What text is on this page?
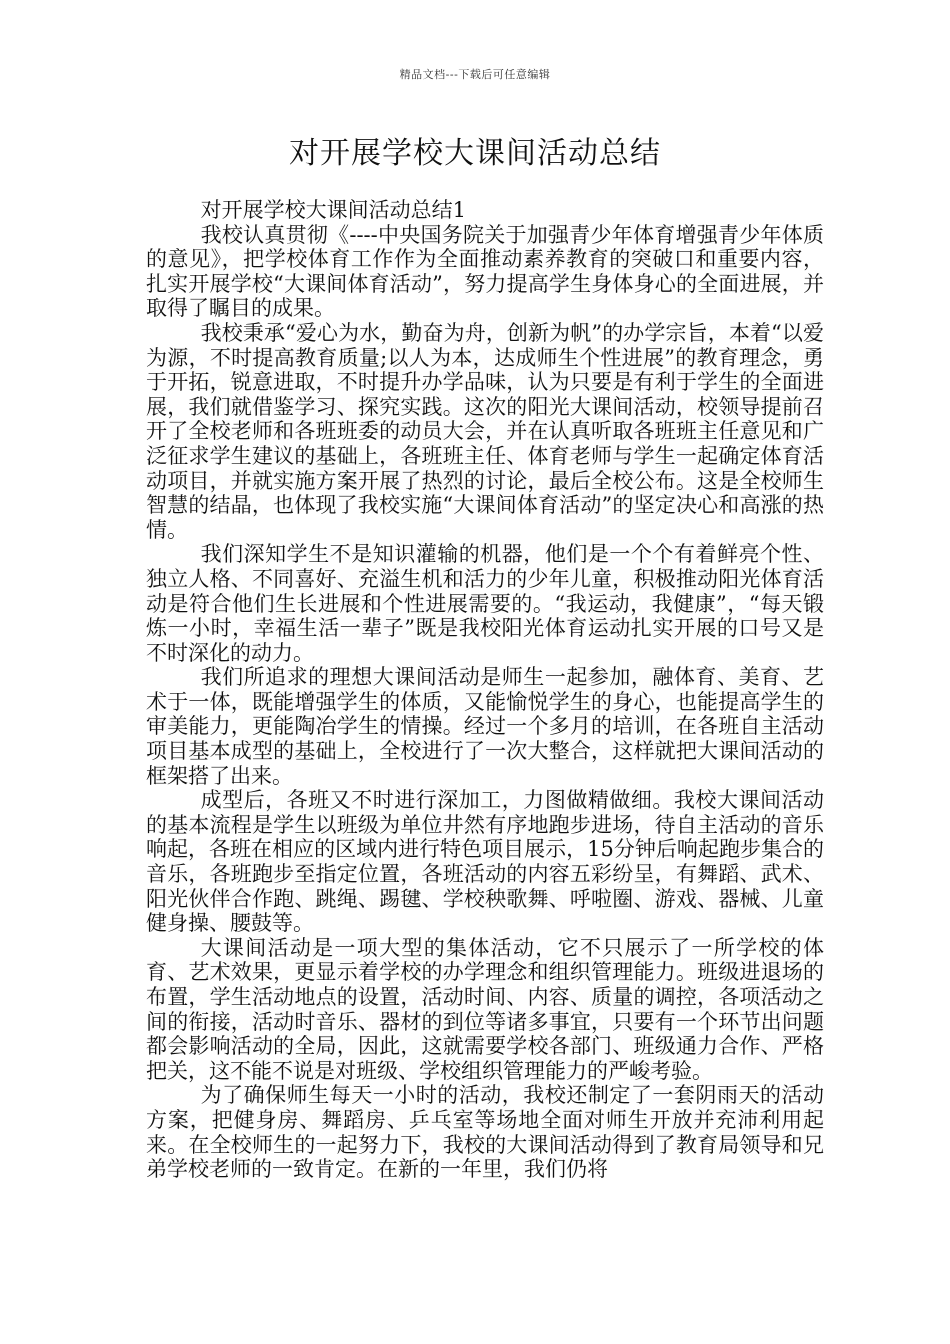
精品文档---下载后可任意编辑
对开展学校大课间活动总结

对开展学校大课间活动总结1

我校认真贯彻《----中央国务院关于加强青少年体育增强青少年体质的意见》，把学校体育工作作为全面推动素养教育的突破口和重要内容，扎实开展学校“大课间体育活动”，努力提高学生身体身心的全面进展，并取得了瞩目的成果。

我校秉承“爱心为水，勤奋为舟，创新为帆”的办学宗旨，本着“以爱为源，不时提高教育质量;以人为本，达成师生个性进展”的教育理念，勇于开拓，锐意进取，不时提升办学品味，认为只要是有利于学生的全面进展，我们就借鉴学习、探究实践。这次的阳光大课间活动，校领导提前召开了全校老师和各班班委的动员大会，并在认真听取各班班主任意见和广泛征求学生建议的基础上，各班班主任、体育老师与学生一起确定体育活动项目，并就实施方案开展了热烈的讨论，最后全校公布。这是全校师生智慧的结晶，也体现了我校实施“大课间体育活动”的坚定决心和高涨的热情。

我们深知学生不是知识灌输的机器，他们是一个个有着鲜亮个性、独立人格、不同喜好、充溢生机和活力的少年儿童，积极推动阳光体育活动是符合他们生长进展和个性进展需要的。“我运动，我健康”，“每天锻炼一小时，幸福生活一辈子”既是我校阳光体育运动扎实开展的口号又是不时深化的动力。

我们所追求的理想大课间活动是师生一起参加，融体育、美育、艺术于一体，既能增强学生的体质，又能愉悦学生的身心，也能提高学生的审美能力，更能陶冶学生的情操。经过一个多月的培训，在各班自主活动项目基本成型的基础上，全校进行了一次大整合，这样就把大课间活动的框架搭了出来。

成型后，各班又不时进行深加工，力图做精做细。我校大课间活动的基本流程是学生以班级为单位井然有序地跑步进场，待自主活动的音乐响起，各班在相应的区域内进行特色项目展示，15分钟后响起跑步集合的音乐，各班跑步至指定位置，各班活动的内容五彩纷呈，有舞蹈、武术、阳光伙伴合作跑、跳绳、踢毽、学校秧歌舞、呼啦圈、游戏、器械、儿童健身操、腰鼓等。

大课间活动是一项大型的集体活动，它不只展示了一所学校的体育、艺术效果，更显示着学校的办学理念和组织管理能力。班级进退场的布置，学生活动地点的设置，活动时间、内容、质量的调控，各项活动之间的衔接，活动时音乐、器材的到位等诸多事宜，只要有一个环节出问题都会影响活动的全局，因此，这就需要学校各部门、班级通力合作、严格把关，这不能不说是对班级、学校组织管理能力的严峻考验。

为了确保师生每天一小时的活动，我校还制定了一套阴雨天的活动方案，把健身房、舞蹈房、乒乓室等场地全面对师生开放并充沛利用起来。在全校师生的一起努力下，我校的大课间活动得到了教育局领导和兄弟学校老师的一致肯定。在新的一年里，我们仍将
